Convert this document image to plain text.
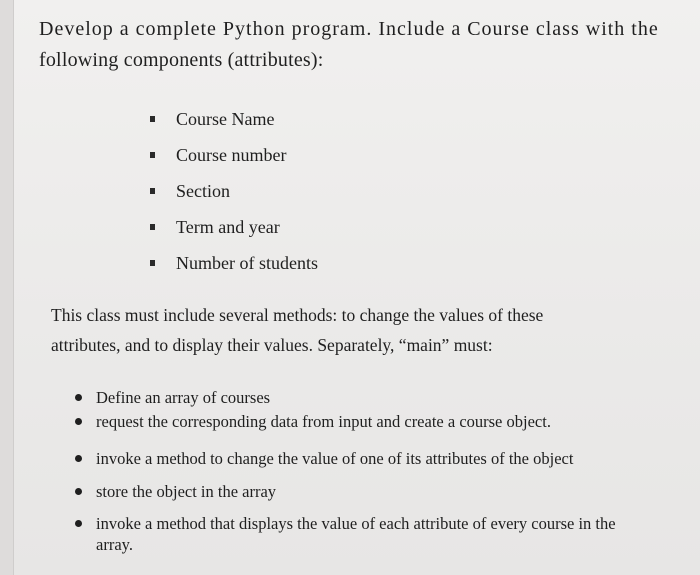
Develop a complete Python program. Include a Course class with the
following components (attributes):
Course Name
Course number
Section
Term and year
Number of students
This class must include several methods: to change the values of these
attributes, and to display their values. Separately, “main” must:
Define an array of courses
request the corresponding data from input and create a course object.
invoke a method to change the value of one of its attributes of the object
store the object in the array
invoke a method that displays the value of each attribute of every course in the array.
